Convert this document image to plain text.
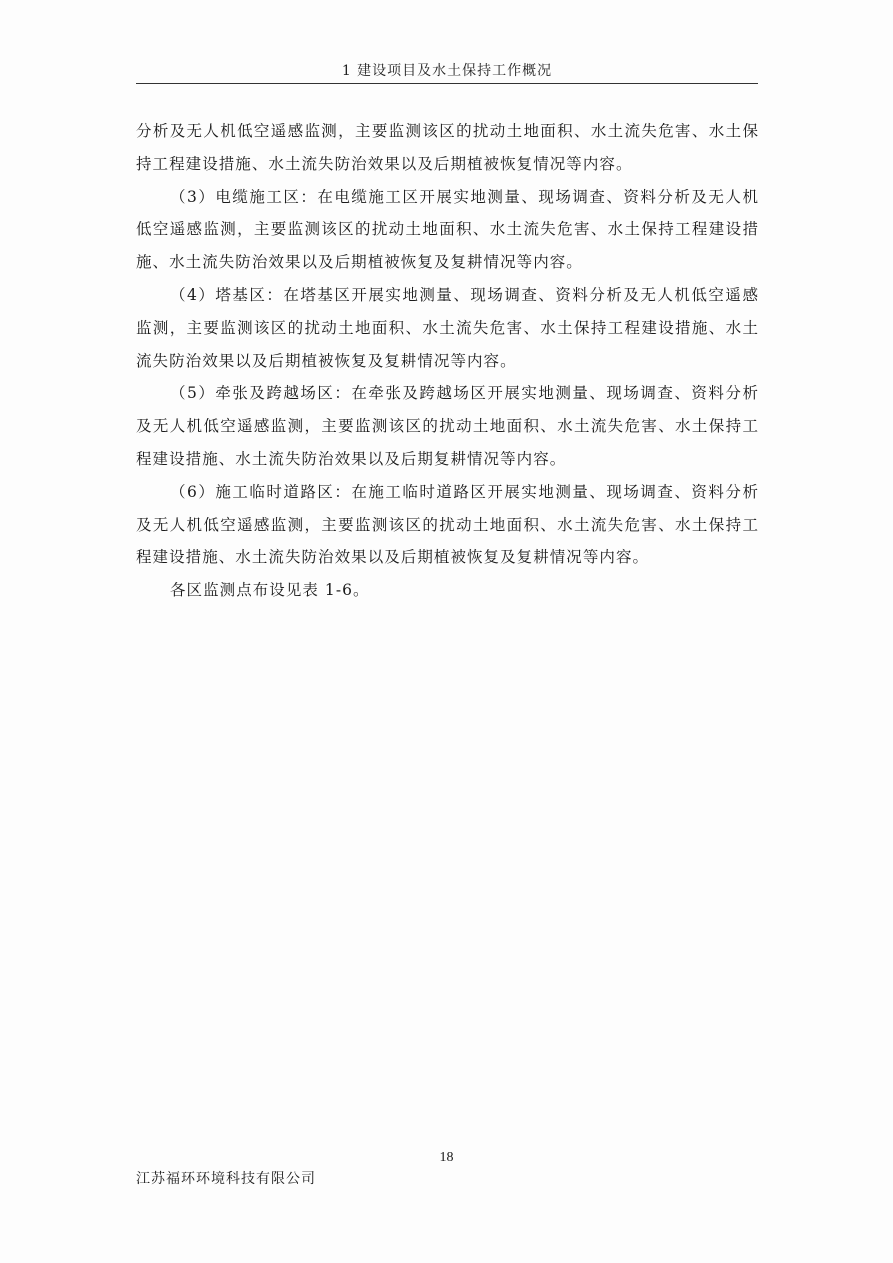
1 建设项目及水土保持工作概况

分析及无人机低空遥感监测，主要监测该区的扰动土地面积、水土流失危害、水土保持工程建设措施、水土流失防治效果以及后期植被恢复情况等内容。

（3）电缆施工区：在电缆施工区开展实地测量、现场调查、资料分析及无人机低空遥感监测，主要监测该区的扰动土地面积、水土流失危害、水土保持工程建设措施、水土流失防治效果以及后期植被恢复及复耕情况等内容。

（4）塔基区：在塔基区开展实地测量、现场调查、资料分析及无人机低空遥感监测，主要监测该区的扰动土地面积、水土流失危害、水土保持工程建设措施、水土流失防治效果以及后期植被恢复及复耕情况等内容。

（5）牵张及跨越场区：在牵张及跨越场区开展实地测量、现场调查、资料分析及无人机低空遥感监测，主要监测该区的扰动土地面积、水土流失危害、水土保持工程建设措施、水土流失防治效果以及后期复耕情况等内容。

（6）施工临时道路区：在施工临时道路区开展实地测量、现场调查、资料分析及无人机低空遥感监测，主要监测该区的扰动土地面积、水土流失危害、水土保持工程建设措施、水土流失防治效果以及后期植被恢复及复耕情况等内容。

各区监测点布设见表 1-6。

18
江苏福环环境科技有限公司
